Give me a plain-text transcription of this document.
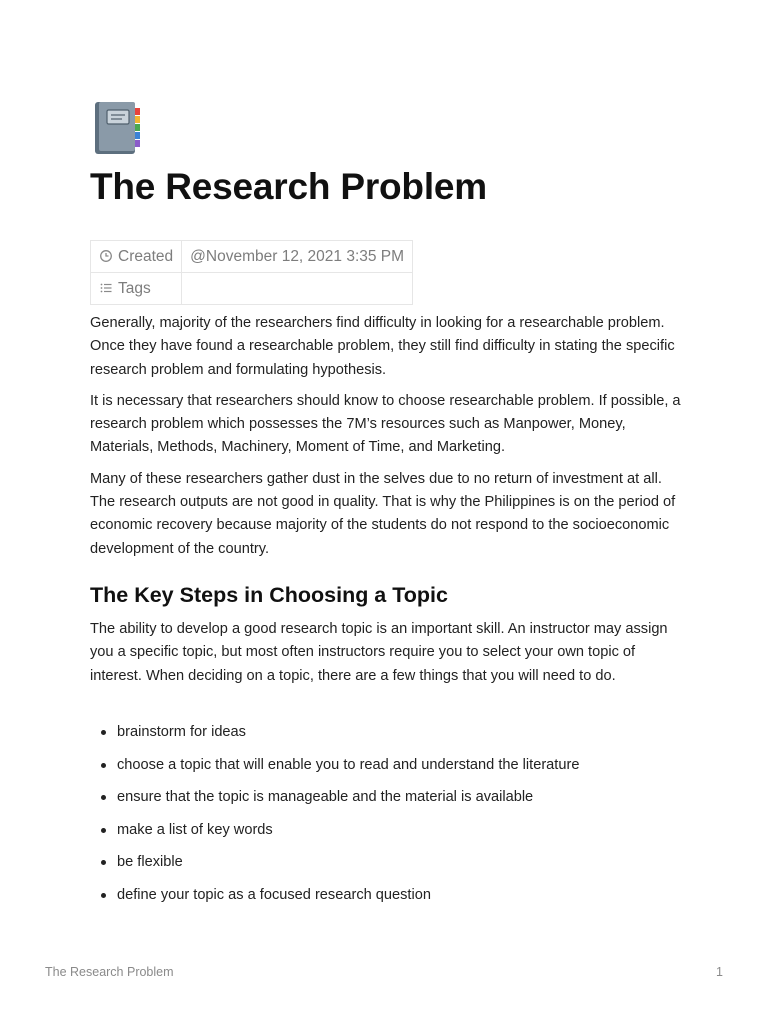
The Research Problem
Created	@November 12, 2021 3:35 PM
Tags	

Generally, majority of the researchers find difficulty in looking for a researchable problem. Once they have found a researchable problem, they still find difficulty in stating the specific research problem and formulating hypothesis.

It is necessary that researchers should know to choose researchable problem. If possible, a research problem which possesses the 7M’s resources such as Manpower, Money, Materials, Methods, Machinery, Moment of Time, and Marketing.

Many of these researchers gather dust in the selves due to no return of investment at all. The research outputs are not good in quality. That is why the Philippines is on the period of economic recovery because majority of the students do not respond to the socioeconomic development of the country.

The Key Steps in Choosing a Topic

The ability to develop a good research topic is an important skill. An instructor may assign you a specific topic, but most often instructors require you to select your own topic of interest. When deciding on a topic, there are a few things that you will need to do.

brainstorm for ideas
choose a topic that will enable you to read and understand the literature
ensure that the topic is manageable and the material is available
make a list of key words
be flexible
define your topic as a focused research question
The Research Problem	1
